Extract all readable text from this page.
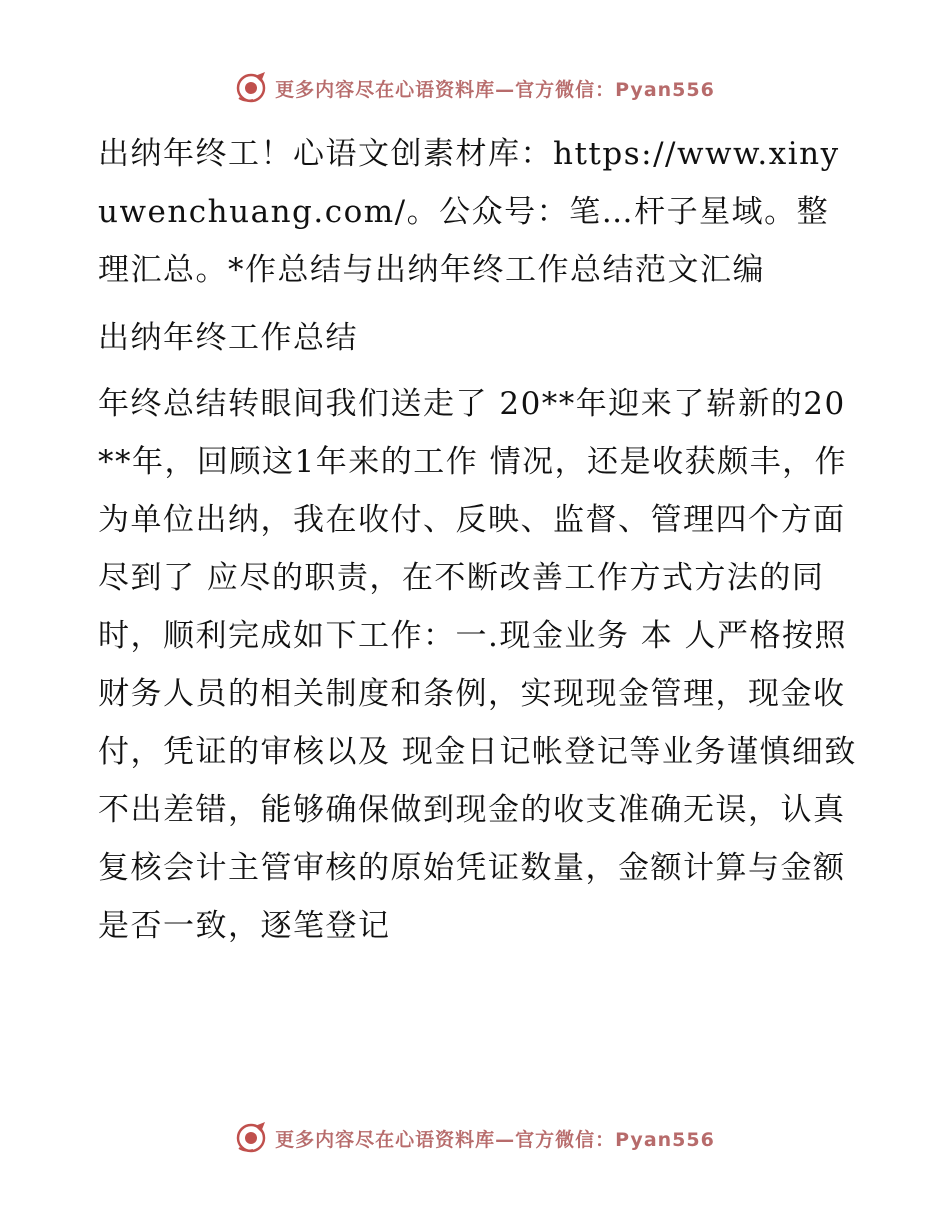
更多内容尽在心语资料库—官方微信：Pyan556

出纳年终工！心语文创素材库：https://www.xinyuwenchuang.com/。公众号：笔…杆子星域。整理汇总。*作总结与出纳年终工作总结范文汇编

出纳年终工作总结

年终总结转眼间我们送走了 20**年迎来了崭新的20**年，回顾这1年来的工作 情况，还是收获颇丰，作为单位出纳，我在收付、反映、监督、管理四个方面尽到了 应尽的职责，在不断改善工作方式方法的同时，顺利完成如下工作：一.现金业务 本 人严格按照财务人员的相关制度和条例，实现现金管理，现金收付，凭证的审核以及 现金日记帐登记等业务谨慎细致不出差错，能够确保做到现金的收支准确无误，认真 复核会计主管审核的原始凭证数量，金额计算与金额是否一致，逐笔登记

更多内容尽在心语资料库—官方微信：Pyan556
